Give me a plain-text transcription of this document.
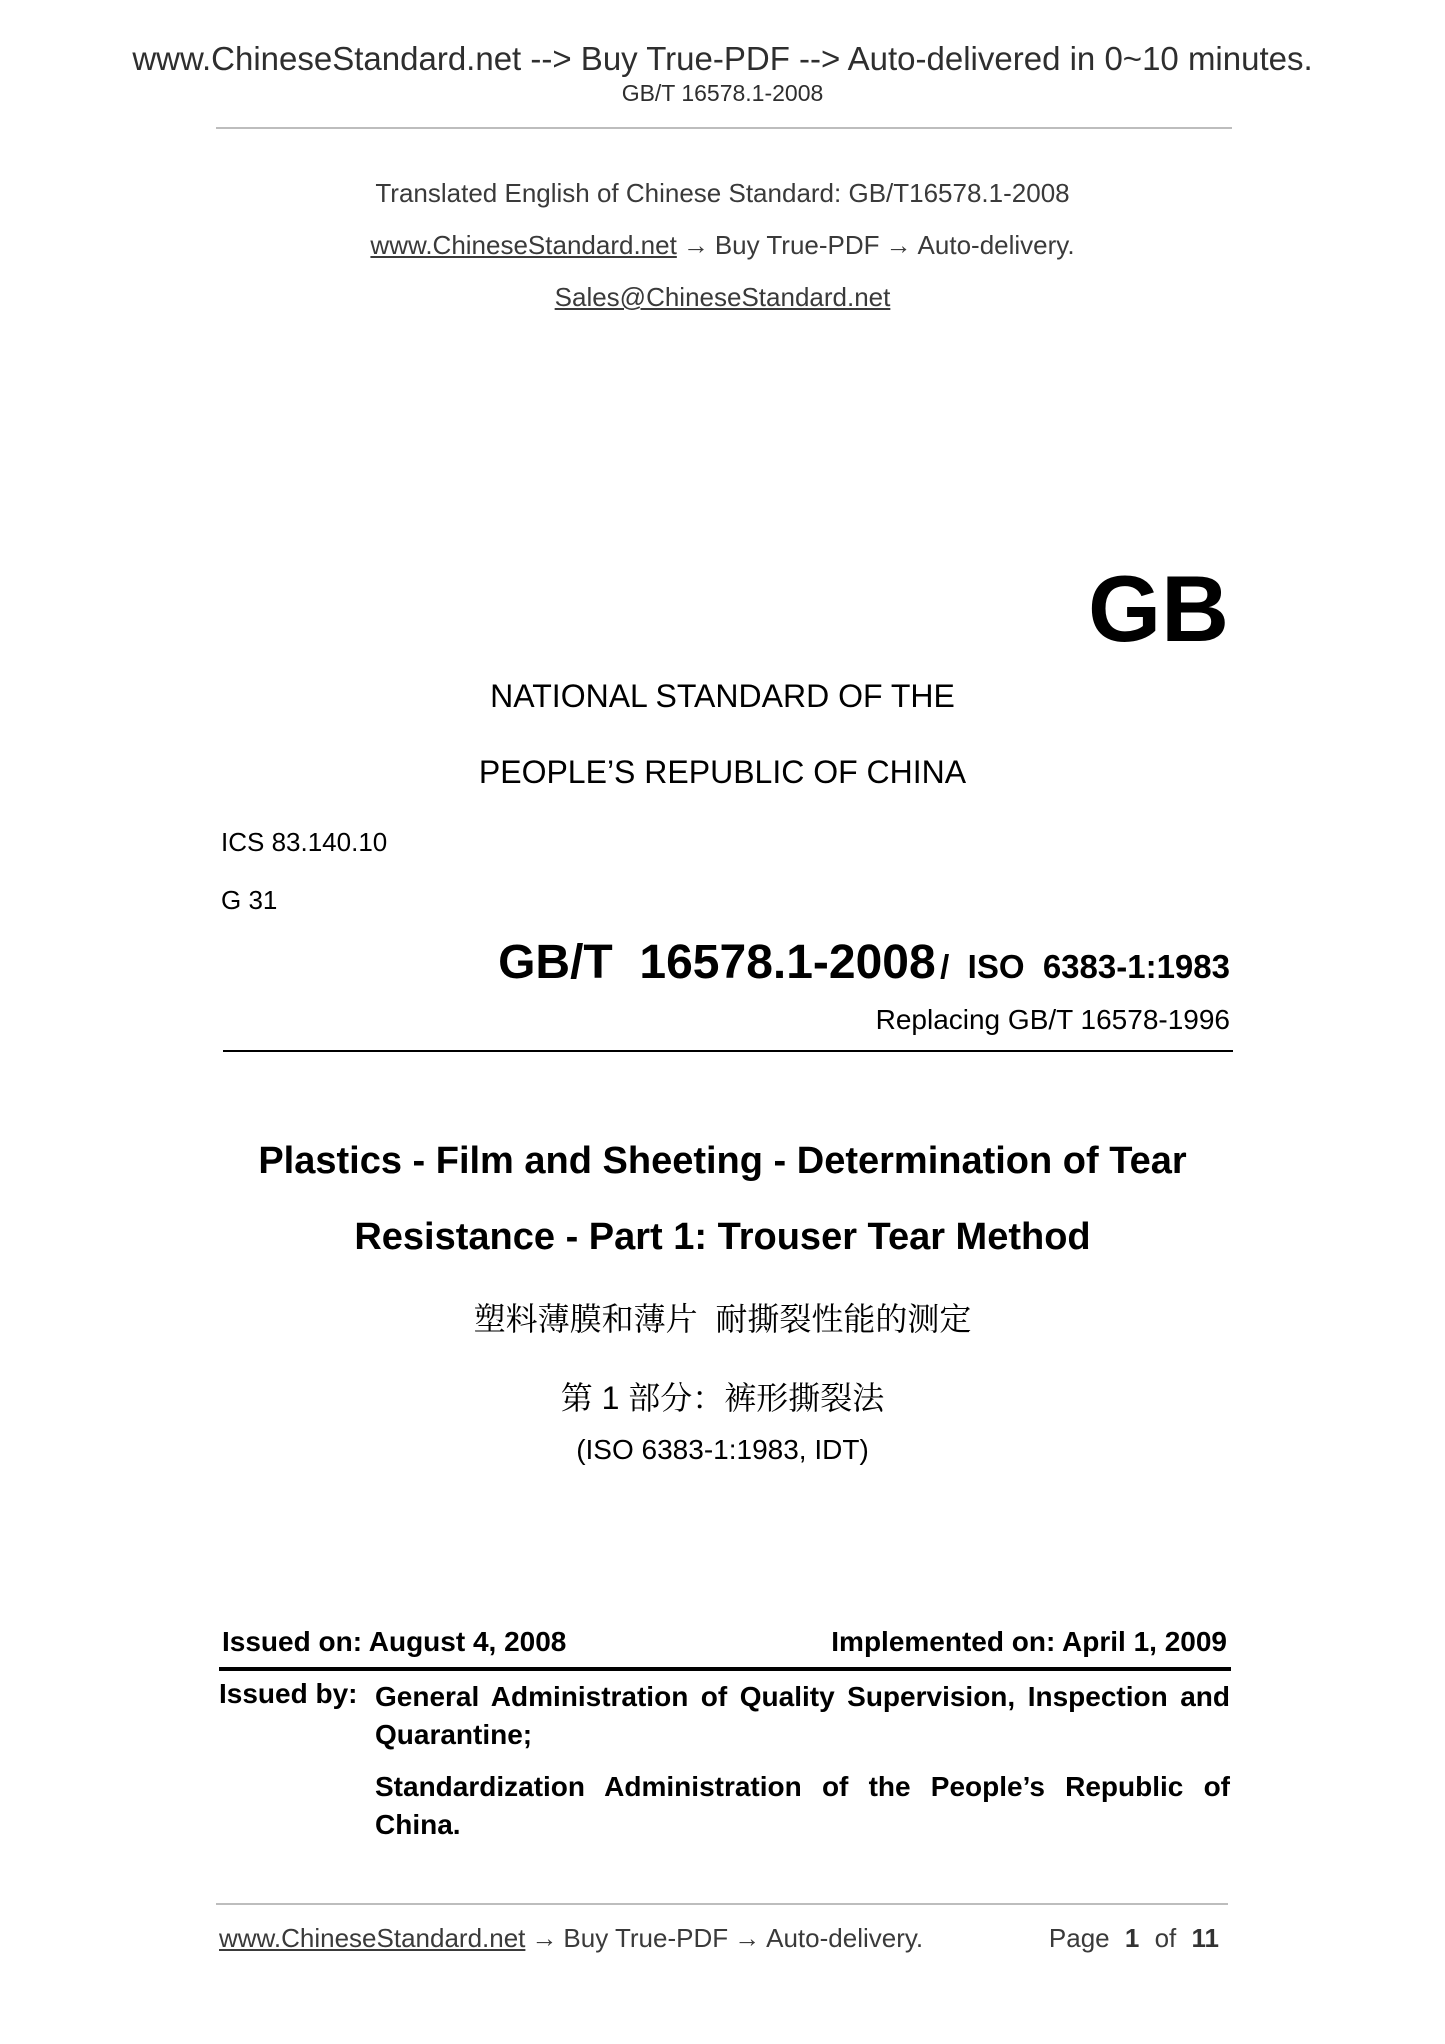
www.ChineseStandard.net --> Buy True-PDF --> Auto-delivered in 0~10 minutes.
GB/T 16578.1-2008
Translated English of Chinese Standard: GB/T16578.1-2008
www.ChineseStandard.net → Buy True-PDF → Auto-delivery.
Sales@ChineseStandard.net
GB
NATIONAL STANDARD OF THE
PEOPLE’S REPUBLIC OF CHINA
ICS 83.140.10
G 31
GB/T  16578.1-2008 /  ISO  6383-1:1983
Replacing GB/T 16578-1996
Plastics - Film and Sheeting - Determination of Tear
Resistance - Part 1: Trouser Tear Method
塑料薄膜和薄片  耐撕裂性能的测定
第 1 部分：裤形撕裂法
(ISO 6383-1:1983, IDT)
Issued on: August 4, 2008	Implemented on: April 1, 2009
Issued by: General Administration of Quality Supervision, Inspection and Quarantine;
Standardization Administration of the People’s Republic of China.
www.ChineseStandard.net → Buy True-PDF → Auto-delivery.	Page 1 of 11
